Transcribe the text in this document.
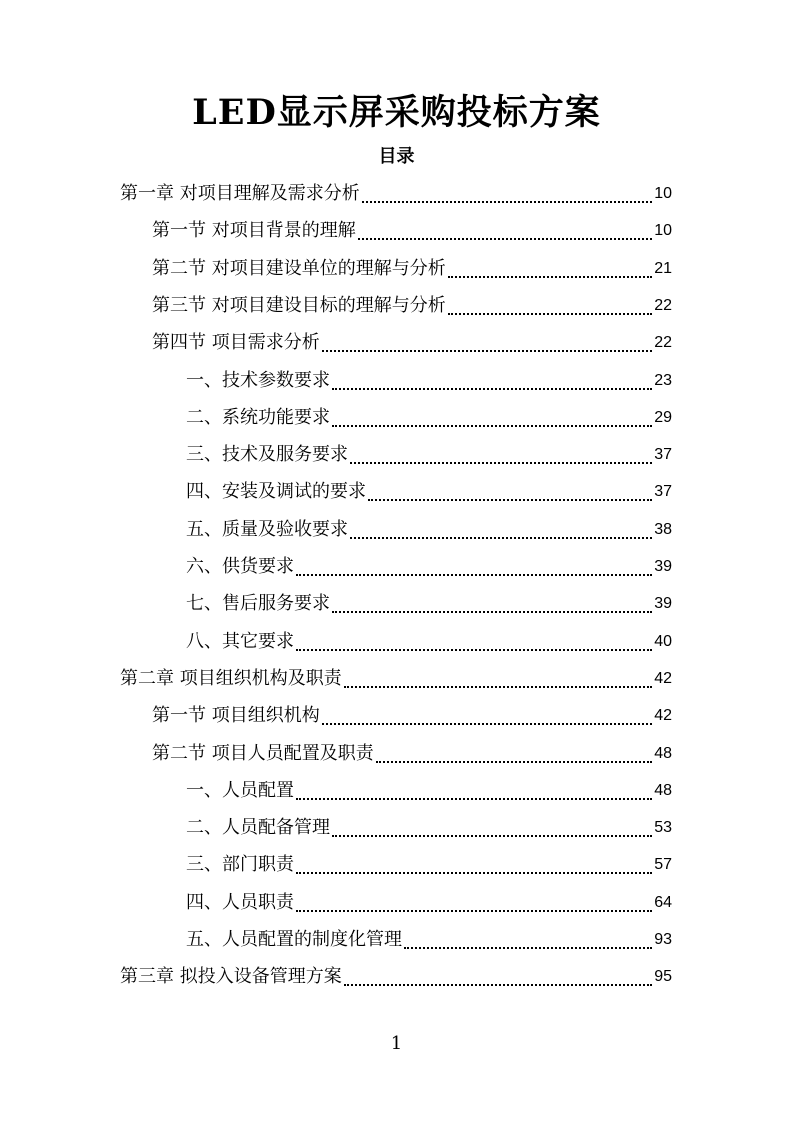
LED显示屏采购投标方案
目录
第一章 对项目理解及需求分析	10
第一节 对项目背景的理解	10
第二节 对项目建设单位的理解与分析	21
第三节 对项目建设目标的理解与分析	22
第四节 项目需求分析	22
一、技术参数要求	23
二、系统功能要求	29
三、技术及服务要求	37
四、安装及调试的要求	37
五、质量及验收要求	38
六、供货要求	39
七、售后服务要求	39
八、其它要求	40
第二章 项目组织机构及职责	42
第一节 项目组织机构	42
第二节 项目人员配置及职责	48
一、人员配置	48
二、人员配备管理	53
三、部门职责	57
四、人员职责	64
五、人员配置的制度化管理	93
第三章 拟投入设备管理方案	95
1
